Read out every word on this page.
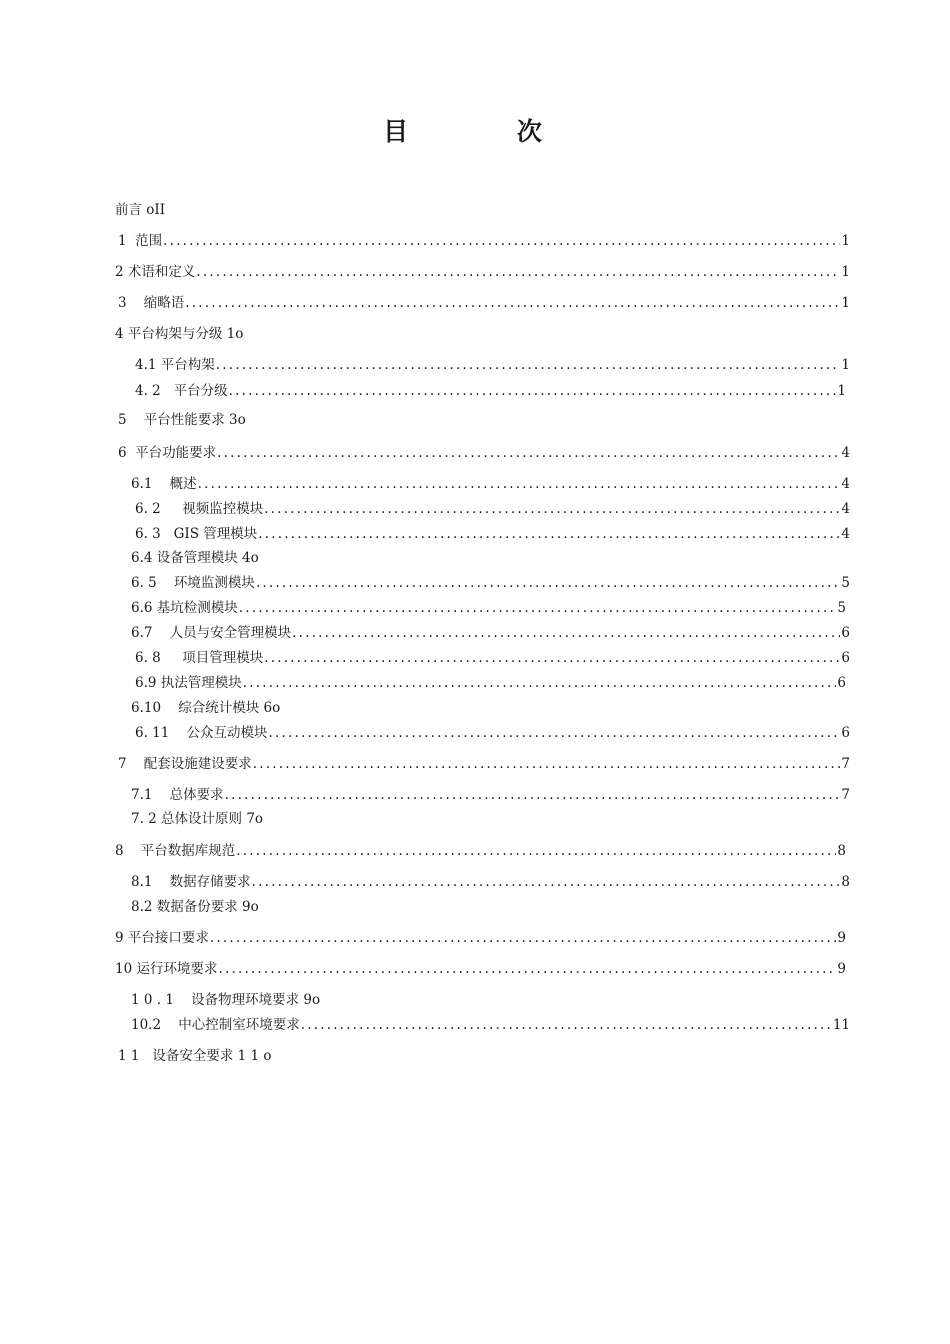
目 次
前言 o II
1  范围 .....	1
2 术语和定义 .....	1
3    缩略语 .....	1
4 平台构架与分级 1o
4.1 平台构架 .....	1
4. 2   平台分级 .....	1
5    平台性能要求 3o
6  平台功能要求 .....	4
6.1    概述 .....	4
6. 2     视频监控模块 .....	4
6. 3   GIS 管理模块 .....	4
6.4 设备管理模块 4o
6. 5    环境监测模块 .....	5
6.6 基坑检测模块 .....	5
6.7    人员与安全管理模块 .....	6
6. 8     项目管理模块 .....	6
6.9 执法管理模块 .....	6
6.10    综合统计模块 6o
6. 11    公众互动模块 .....	6
7    配套设施建设要求 .....	7
7.1    总体要求 .....	7
7. 2 总体设计原则 7o
8    平台数据库规范 .....	8
8.1    数据存储要求 .....	8
8.2 数据备份要求 9o
9 平台接口要求 .....	9
10 运行环境要求 .....	9
1 0 . 1    设备物理环境要求 9o
10.2    中心控制室环境要求 .....	11
1 1   设备安全要求 1 1 o
